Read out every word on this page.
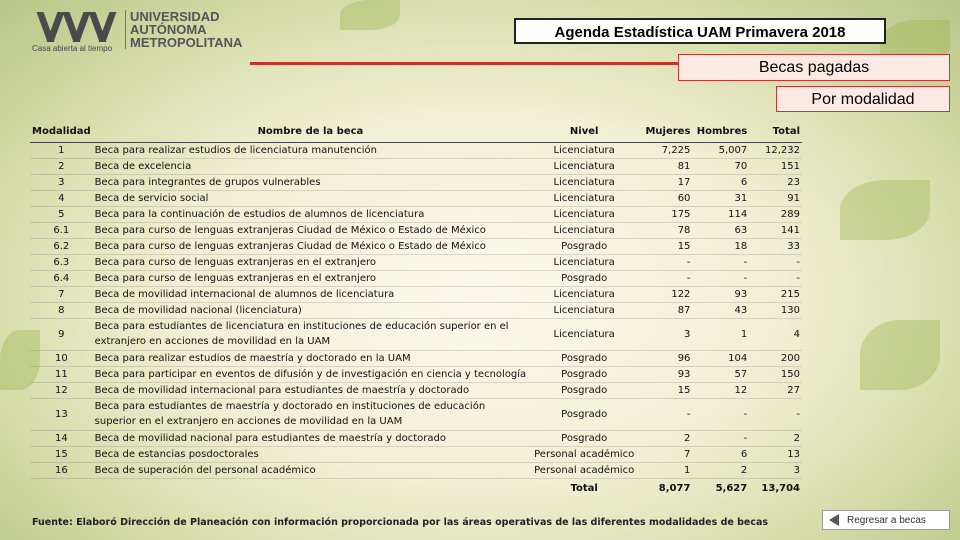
Casa abierta al tiempo
UNIVERSIDAD
AUTÓNOMA
METROPOLITANA
Agenda Estadística UAM Primavera 2018
Becas pagadas
Por modalidad
Modalidad	Nombre de la beca	Nivel	Mujeres	Hombres	Total
1	Beca para realizar estudios de licenciatura manutención	Licenciatura	7,225	5,007	12,232
2	Beca de excelencia	Licenciatura	81	70	151
3	Beca para integrantes de grupos vulnerables	Licenciatura	17	6	23
4	Beca de servicio social	Licenciatura	60	31	91
5	Beca para la continuación de estudios de alumnos de licenciatura	Licenciatura	175	114	289
6.1	Beca para curso de lenguas extranjeras Ciudad de México o Estado de México	Licenciatura	78	63	141
6.2	Beca para curso de lenguas extranjeras Ciudad de México o Estado de México	Posgrado	15	18	33
6.3	Beca para curso de lenguas extranjeras en el extranjero	Licenciatura	-	-	-
6.4	Beca para curso de lenguas extranjeras en el extranjero	Posgrado	-	-	-
7	Beca de movilidad internacional de alumnos de licenciatura	Licenciatura	122	93	215
8	Beca de movilidad nacional (licenciatura)	Licenciatura	87	43	130
9	Beca para estudiantes de licenciatura en instituciones de educación superior en el extranjero en acciones de movilidad en la UAM	Licenciatura	3	1	4
10	Beca para realizar estudios de maestría y doctorado en la UAM	Posgrado	96	104	200
11	Beca para participar en eventos de difusión y de investigación en ciencia y tecnología	Posgrado	93	57	150
12	Beca de movilidad internacional para estudiantes de maestría y doctorado	Posgrado	15	12	27
13	Beca para estudiantes de maestría y doctorado en instituciones de educación superior en el extranjero en acciones de movilidad en la UAM	Posgrado	-	-	-
14	Beca de movilidad nacional para estudiantes de maestría y doctorado	Posgrado	2	-	2
15	Beca de estancias posdoctorales	Personal académico	7	6	13
16	Beca de superación del personal académico	Personal académico	1	2	3
		Total	8,077	5,627	13,704
Fuente: Elaboró Dirección de Planeación con información proporcionada por las áreas operativas de las diferentes modalidades de becas	Regresar a becas
